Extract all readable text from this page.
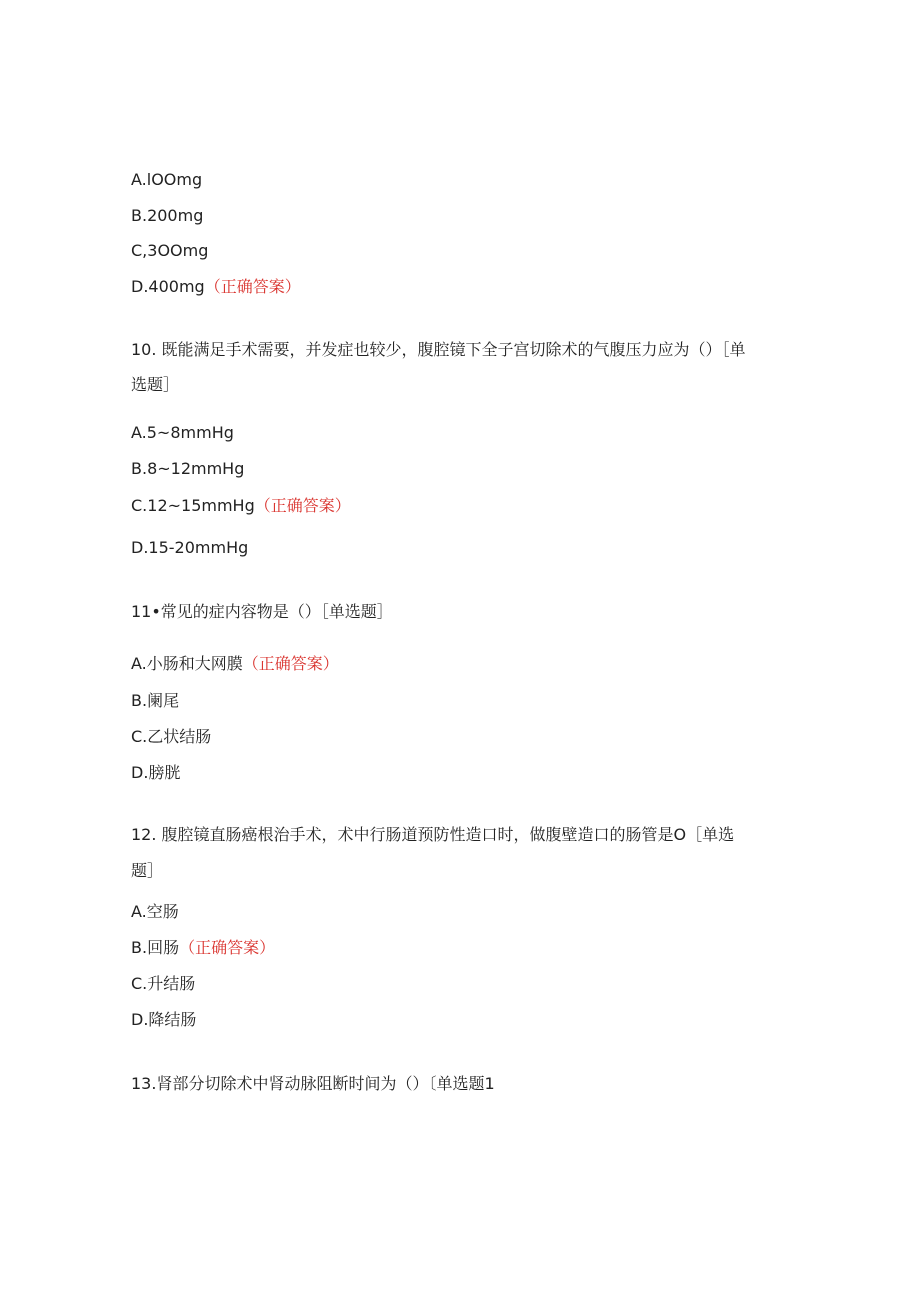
A.lOOmg
B.200mg
C,3OOmg
D.400mg（正确答案）
10. 既能满足手术需要，并发症也较少，腹腔镜下全子宫切除术的气腹压力应为（）［单
选题］
A.5~8mmHg
B.8~12mmHg
C.12~15mmHg（正确答案）
D.15-20mmHg
11•常见的症内容物是（）［单选题］
A.小肠和大网膜（正确答案）
B.阑尾
C.乙状结肠
D.膀胱
12. 腹腔镜直肠癌根治手术，术中行肠道预防性造口时，做腹壁造口的肠管是O［单选
题］
A.空肠
B.回肠（正确答案）
C.升结肠
D.降结肠
13.肾部分切除术中肾动脉阻断时间为（）〔单选题1
